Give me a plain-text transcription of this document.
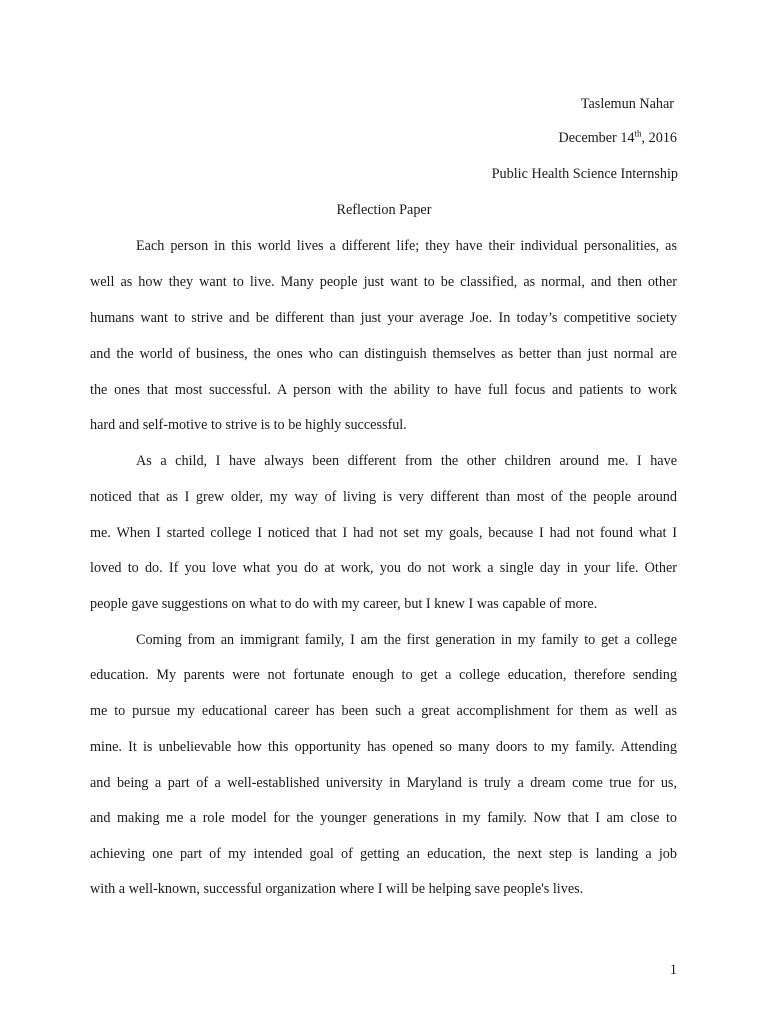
Taslemun Nahar
December 14th, 2016
Public Health Science Internship
Reflection Paper
Each person in this world lives a different life; they have their individual personalities, as
well as how they want to live. Many people just want to be classified, as normal, and then other
humans want to strive and be different than just your average Joe. In today’s competitive society
and the world of business, the ones who can distinguish themselves as better than just normal are
the ones that most successful. A person with the ability to have full focus and patients to work
hard and self-motive to strive is to be highly successful.
As a child, I have always been different from the other children around me. I have
noticed that as I grew older, my way of living is very different than most of the people around
me. When I started college I noticed that I had not set my goals, because I had not found what I
loved to do. If you love what you do at work, you do not work a single day in your life. Other
people gave suggestions on what to do with my career, but I knew I was capable of more.
Coming from an immigrant family, I am the first generation in my family to get a college
education. My parents were not fortunate enough to get a college education, therefore sending
me to pursue my educational career has been such a great accomplishment for them as well as
mine. It is unbelievable how this opportunity has opened so many doors to my family. Attending
and being a part of a well-established university in Maryland is truly a dream come true for us,
and making me a role model for the younger generations in my family. Now that I am close to
achieving one part of my intended goal of getting an education, the next step is landing a job
with a well-known, successful organization where I will be helping save people's lives.
1
